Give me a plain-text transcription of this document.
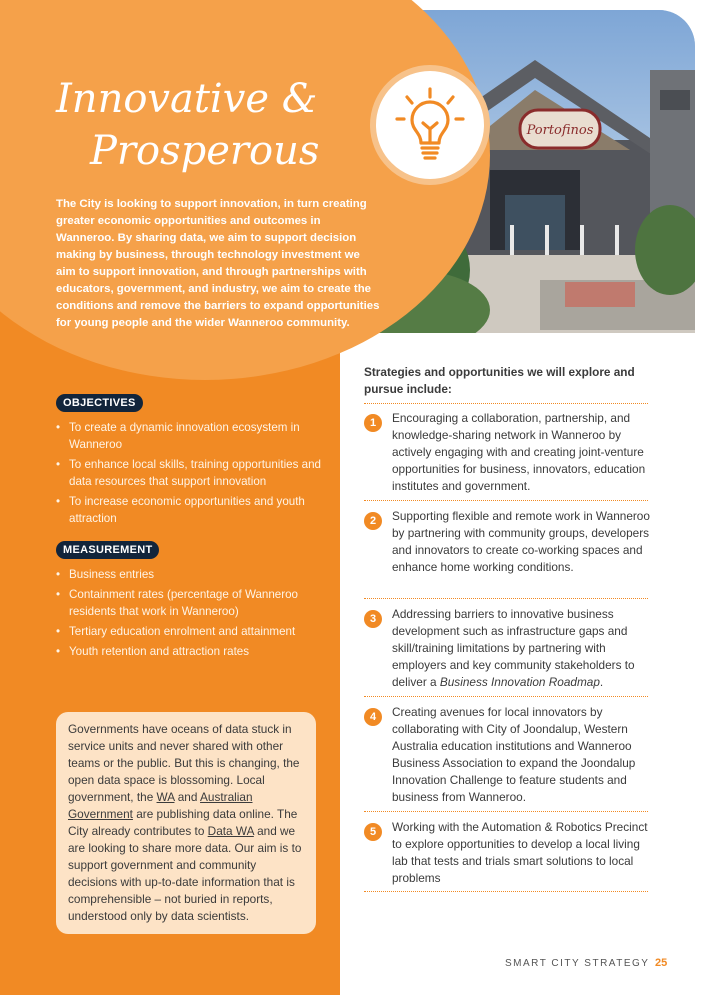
Portofinos
Innovative &
Prosperous

The City is looking to support innovation, in turn creating greater economic opportunities and outcomes in Wanneroo. By sharing data, we aim to support decision making by business, through technology investment we aim to support innovation, and through partnerships with educators, government, and industry, we aim to create the conditions and remove the barriers to expand opportunities for young people and the wider Wanneroo community.

OBJECTIVES
• To create a dynamic innovation ecosystem in Wanneroo
• To enhance local skills, training opportunities and data resources that support innovation
• To increase economic opportunities and youth attraction
MEASUREMENT
• Business entries
• Containment rates (percentage of Wanneroo residents that work in Wanneroo)
• Tertiary education enrolment and attainment
• Youth retention and attraction rates

Governments have oceans of data stuck in service units and never shared with other teams or the public. But this is changing, the open data space is blossoming. Local government, the WA and Australian Government are publishing data online. The City already contributes to Data WA and we are looking to share more data. Our aim is to support government and community decisions with up-to-date information that is comprehensible – not buried in reports, understood only by data scientists.

Strategies and opportunities we will explore and pursue include:

1	Encouraging a collaboration, partnership, and knowledge-sharing network in Wanneroo by actively engaging with and creating joint-venture opportunities for business, innovators, education institutes and government.

2	Supporting flexible and remote work in Wanneroo by partnering with community groups, developers and innovators to create co-working spaces and enhance home working conditions.

3	Addressing barriers to innovative business development such as infrastructure gaps and skill/training limitations by partnering with employers and key community stakeholders to deliver a Business Innovation Roadmap.

4	Creating avenues for local innovators by collaborating with City of Joondalup, Western Australia education institutions and Wanneroo Business Association to expand the Joondalup Innovation Challenge to feature students and business from Wanneroo.

5	Working with the Automation & Robotics Precinct to explore opportunities to develop a local living lab that tests and trials smart solutions to local problems

SMART CITY STRATEGY 25
